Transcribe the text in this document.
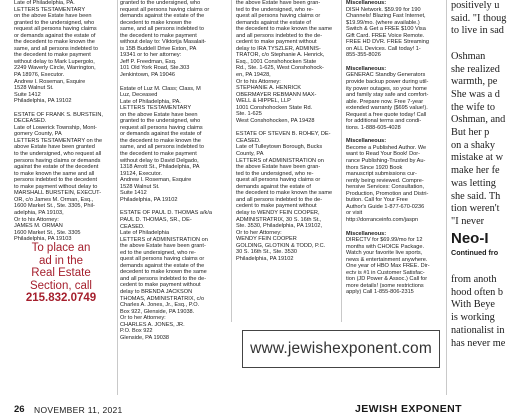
Late of Philadelphia, PA.

LETTERS TESTAMENTARY

on the above Estate have been

granted to the undersigned, who

request all persons having claims

or demands against the estate of

the decedent to make known the

same, and all persons indebted to

the decedent to make payment

without delay to Mark Lupergolo,

2249 Waverly Circle, Warrington,

PA 18976, Executor.

Andrew I. Roseman, Esquire

1528 Walnut St.

Suite 1412

Philadelphia, PA 19102

ESTATE OF FRANK S. BURSTEIN,

DECEASED.

Late of Lowerick Township, Mont-

gomery County, PA

LETTERS TESTAMENTARY on the

above Estate have been granted

to the undersigned, who request all

persons having claims or demands

against the estate of the decedent

to make known the same and all

persons indebted to the decedent

to make payment without delay to

MARSHALL BURSTEIN, EXECUT-

OR, c/o James M. Orman, Esq.,

1600 Market St., Ste. 3305, Phil-

adelphia, PA 19103,

Or to his Attorney:

JAMES M. ORMAN

1600 Market St., Ste. 3305

Philadelphia, PA 19103

granted to the undersigned, who

request all persons having claims or

demands against the estate of the

decedent to make known the

same, and all persons indebted to

the decedent to make payment

without delay to: Viktorija Masalait-

is 15B Buddell Drive Exton, PA

19341 or to her attorney:

Jeff P. Freedman, Esq.

101 Old York Road, Ste.303

Jenkintown, PA 19046

Estate of Luz M. Class; Class, M

Luz, Deceased

Late of Philadelphia, PA.

LETTERS TESTAMENTARY

on the above Estate have been

granted to the undersigned, who

request all persons having claims

or demands against the estate of

the decedent to make known the

same, and all persons indebted to

the decedent to make payment

without delay to David Delgado,

1318 Arrott St., Philadelphia, PA

19124, Executor.

Andrew I. Roseman, Esquire

1528 Walnut St.

Suite 1412

Philadelphia, PA 19102

ESTATE OF PAUL D. THOMAS a/k/a

PAUL D. THOMAS, SR., DE-

CEASED.

Late of Philadelphia

LETTERS of ADMINISTRATION on

the above Estate have been grant-

ed to the undersigned, who re-

quest all persons having claims or

demands against the estate of the

decedent to make known the same

and all persons indebted to the de-

cedent to make payment without

delay to BRENDA JACKSON

THOMAS, ADMINISTRATRIX, c/o

Charles A. Jones, Jr., Esq., P.O.

Box 922, Glenside, PA 19038.

Or to her Attorney:

CHARLES A. JONES, JR.

P.O. Box 922

Glenside, PA 19038

the above Estate have been gran-

ted to the undersigned, who re-

quest all persons having claims or

demands against the estate of

the decedent to make known the same

and all persons indebted to the de-

cedent to make payment without

delay to IRA TYSZLER, ADMINIS-

TRATOR, c/o Stephanie A. Henrick,

Esq., 1001 Conshohocken State

Rd., Ste. 1-625, West Conshohock-

en, PA 19428,

Or to his Attorney:

STEPHANIE A. HENRICK

OBERMAYER REBMANN MAX-

WELL & HIPPEL, LLP

1001 Conshohocken State Rd.

Ste. 1-625

West Conshohocken, PA 19428

ESTATE OF STEVEN B. ROHEY, DE-

CEASED.

Late of Tulleytown Borough, Bucks

County, PA

LETTERS of ADMINISTRATION on

the above Estate have been gran-

ted to the undersigned, who re-

quest all persons having claims or

demands against the estate of

the decedent to make known the same

and all persons indebted to the de-

cedent to make payment without

delay to WENDY FEIN COOPER,

ADMINISTRATRIX, 30 S. 16th St.,

Ste. 3530, Philadelphia, PA 19102,

Or to her Attorney:

WENDY FEIN COOPER

GOLDING, GLOTKIN & TODD, P.C.

30 S. 16th St., Ste. 3530

Philadelphia, PA 19102

Miscellaneous:

DISH Network. $59.99 for 190

Channels! Blazing Fast Internet,

$19.99/mo. (where available.)

Switch & Get a FREE $100 Visa

Gift Card. FREE Voice Remote.

FREE HD DVR. FREE Streaming

on ALL Devices. Call today! 1-

855-355-8026

Miscellaneous:

GENERAC Standby Generators

provide backup power during util-

ity power outages, so your home

and family stay safe and comfort-

able. Prepare now. Free 7-year

extended warranty ($695 value!).

Request a free quote today! Call

for additional terms and condi-

tions. 1-888-605-4028

Miscellaneous:

Become a Published Author. We

want to Read Your Book! Dor-

rance Publishing-Trusted by Au-

thors Since 1920 Book

manuscript submissions cur-

rently being reviewed. Compre-

hensive Services: Consultation,

Production, Promotion and Distri-

bution. Call for Your Free

Author's Guide 1-877-670-0236

or visit

http://dorranceinfo.com/jaspn

Miscellaneous:

DIRECTV for $69.99/mo for 12

months with CHOICE Package.

Watch your favorite live sports,

news & entertainment anywhere.

One year of HBO Max FREE. Dir-

ectv is #1 in Customer Satisfac-

tion (JD Power & Assoc.) Call for

more details! (some restrictions

apply) Call 1-855-806-2315

To place an
ad in the
Real Estate
Section, call
215.832.0749
www.jewishexponent.com
positively u
said. "I thoug
to live in sad
Oshman
she realized
warmth, pe
She was a d
the wife to
Oshman, and
But her p
on a shaky
mistake at w
make her fe
was letting
she said. Th
tion weren't
"I never
Neo-I
Continued fro
from anoth
hood often b
With Beye
is working
nationalist in
has never me
26 NOVEMBER 11, 2021	JEWISH EXPONENT
